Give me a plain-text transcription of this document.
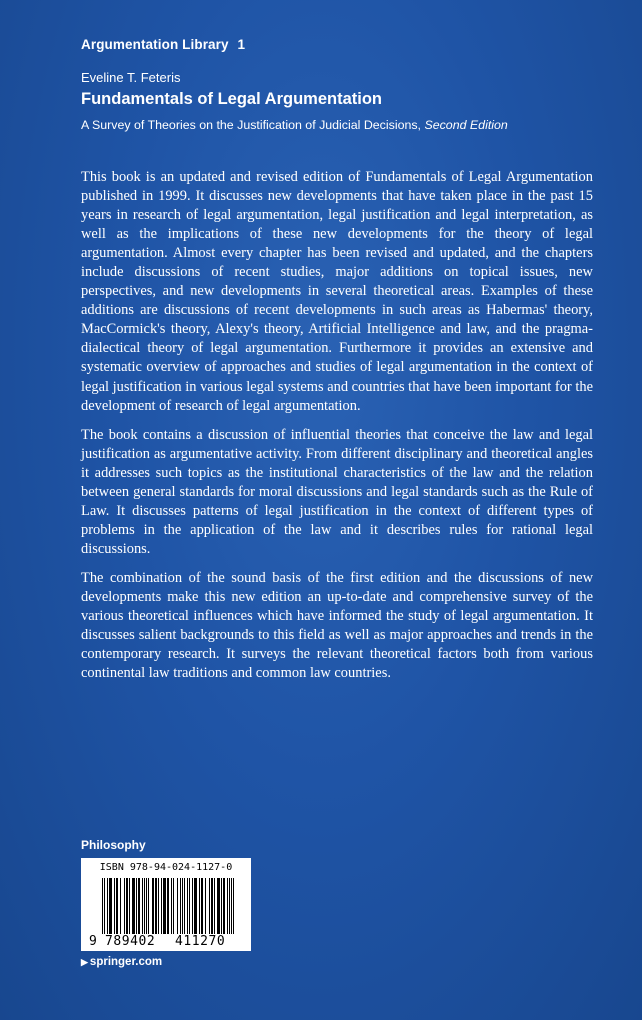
Argumentation Library 1
Eveline T. Feteris
Fundamentals of Legal Argumentation
A Survey of Theories on the Justification of Judicial Decisions, Second Edition

This book is an updated and revised edition of Fundamentals of Legal Argumentation published in 1999. It discusses new developments that have taken place in the past 15 years in research of legal argumentation, legal justification and legal interpretation, as well as the implications of these new developments for the theory of legal argumentation. Almost every chapter has been revised and updated, and the chapters include discussions of recent studies, major additions on topical issues, new perspectives, and new developments in several theoretical areas. Examples of these additions are discussions of recent developments in such areas as Habermas' theory, MacCormick's theory, Alexy's theory, Artificial Intelligence and law, and the pragma-dialectical theory of legal argumentation. Furthermore it provides an extensive and systematic overview of approaches and studies of legal argumentation in the context of legal justification in various legal systems and countries that have been important for the development of research of legal argumentation.

The book contains a discussion of influential theories that conceive the law and legal justification as argumentative activity. From different disciplinary and theoretical angles it addresses such topics as the institutional characteristics of the law and the relation between general standards for moral discussions and legal standards such as the Rule of Law. It discusses patterns of legal justification in the context of different types of problems in the application of the law and it describes rules for rational legal discussions.

The combination of the sound basis of the first edition and the discussions of new developments make this new edition an up-to-date and comprehensive survey of the various theoretical influences which have informed the study of legal argumentation. It discusses salient backgrounds to this field as well as major approaches and trends in the contemporary research. It surveys the relevant theoretical factors both from various continental law traditions and common law countries.

Philosophy
ISBN 978-94-024-1127-0
9 789402 411270
▶ springer.com
